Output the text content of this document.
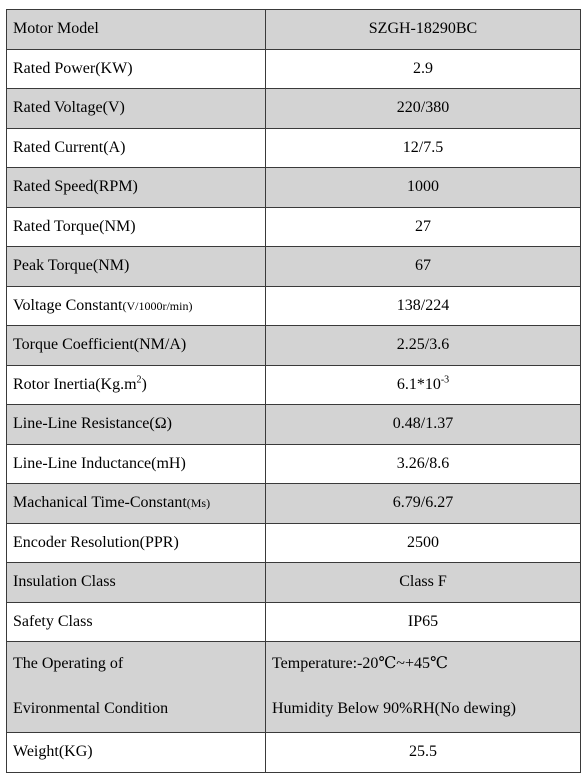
Motor Model	SZGH-18290BC
Rated Power(KW)	2.9
Rated Voltage(V)	220/380
Rated Current(A)	12/7.5
Rated Speed(RPM)	1000
Rated Torque(NM)	27
Peak Torque(NM)	67
Voltage Constant(V/1000r/min)	138/224
Torque Coefficient(NM/A)	2.25/3.6
Rotor $Inertia(Kg.m^2)$	$6.1*10^{-3}$
Line-Line Resistance(Ω)	0.48/1.37
Line-Line Inductance(mH)	3.26/8.6
Machanical Time-Constant(Ms)	6.79/6.27
Encoder Resolution(PPR)	2500
Insulation Class	Class F
Safety Class	IP65

The Operating of
Evironmental Condition	Temperature:-20℃~+45℃
Humidity Below 90%RH(No dewing)

Weight(KG)	25.5
